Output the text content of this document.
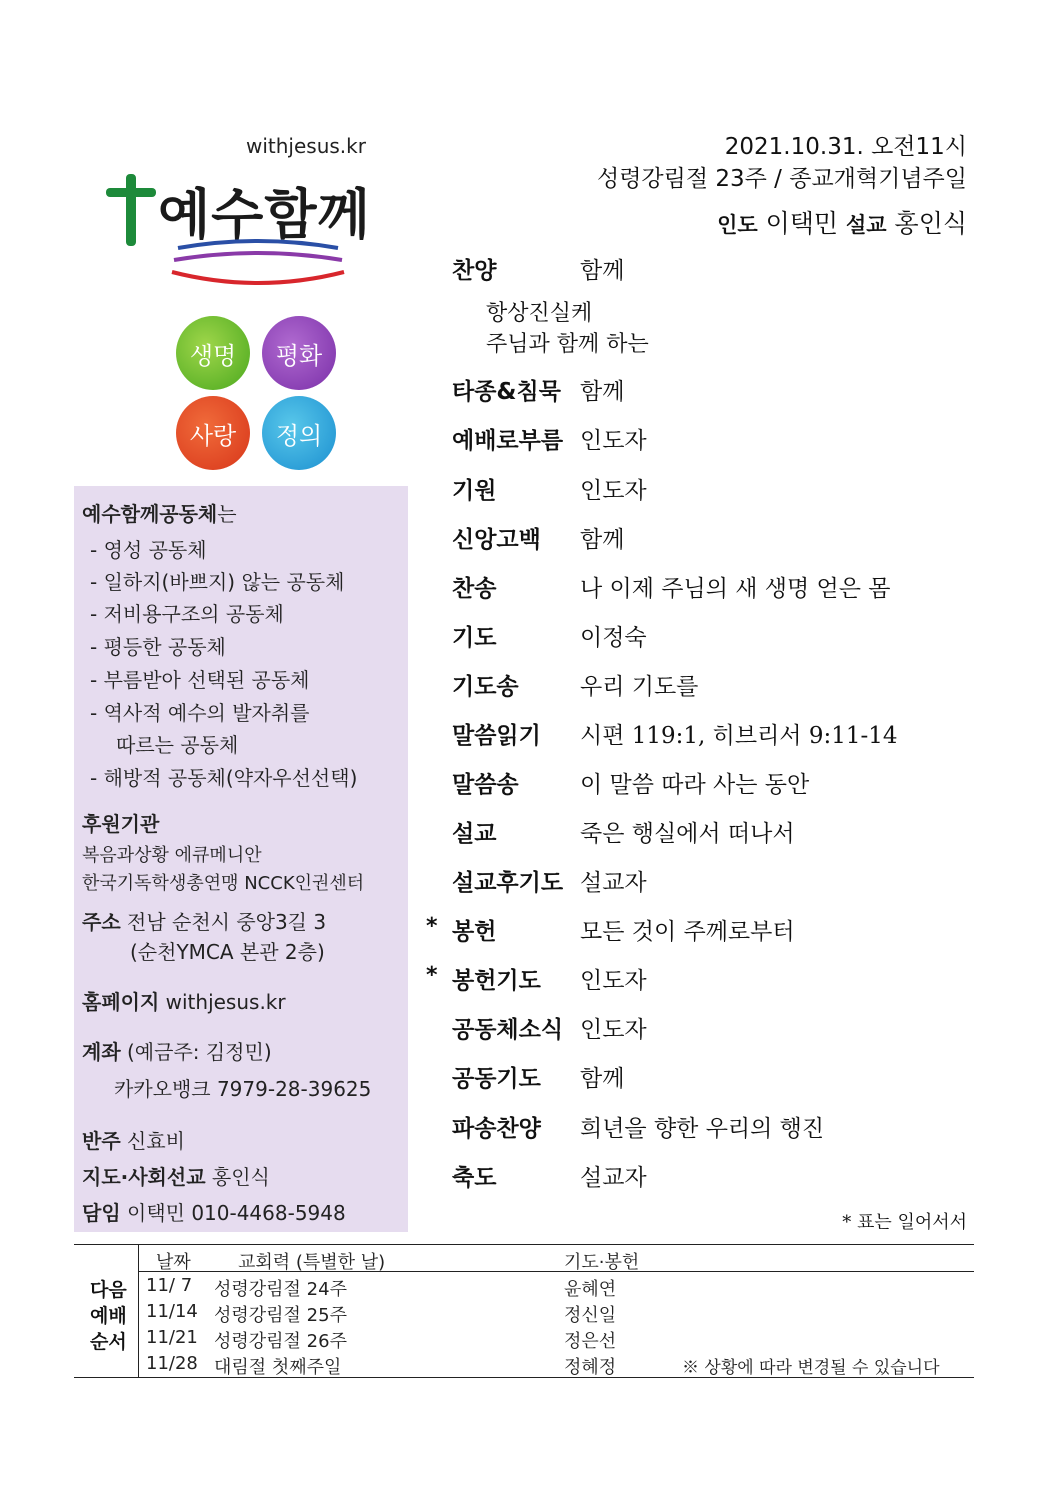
withjesus.kr
예수함께
생명	평화
사랑	정의
예수함께공동체는
- 영성 공동체
- 일하지(바쁘지) 않는 공동체
- 저비용구조의 공동체
- 평등한 공동체
- 부름받아 선택된 공동체
- 역사적 예수의 발자취를
따르는 공동체
- 해방적 공동체(약자우선선택)
후원기관
복음과상황 에큐메니안
한국기독학생총연맹 NCCK인권센터
주소 전남 순천시 중앙3길 3
(순천YMCA 본관 2층)
홈페이지 withjesus.kr
계좌 (예금주: 김정민)
카카오뱅크 7979-28-39625
반주 신효비
지도·사회선교 홍인식
담임 이택민 010-4468-5948
2021.10.31. 오전11시
성령강림절 23주 / 종교개혁기념주일
인도 이택민 설교 홍인식
찬양	함께
항상진실케
주님과 함께 하는
타종&침묵 함께
예배로부름 인도자
기원	인도자
신앙고백 함께
찬송	나 이제 주님의 새 생명 얻은 몸
기도	이정숙
기도송	우리 기도를
말씀읽기 시편 119:1, 히브리서 9:11-14
말씀송	이 말씀 따라 사는 동안
설교	죽은 행실에서 떠나서
설교후기도 설교자
* 봉헌	모든 것이 주께로부터
* 봉헌기도 인도자
공동체소식 인도자
공동기도 함께
파송찬양 희년을 향한 우리의 행진
축도	설교자
* 표는 일어서서
다음
예배
순서
날짜	교회력 (특별한 날)	기도·봉헌
11/ 7 성령강림절 24주	윤혜연
11/14 성령강림절 25주	정신일
11/21 성령강림절 26주	정은선
11/28 대림절 첫째주일	정혜정	※ 상황에 따라 변경될 수 있습니다
